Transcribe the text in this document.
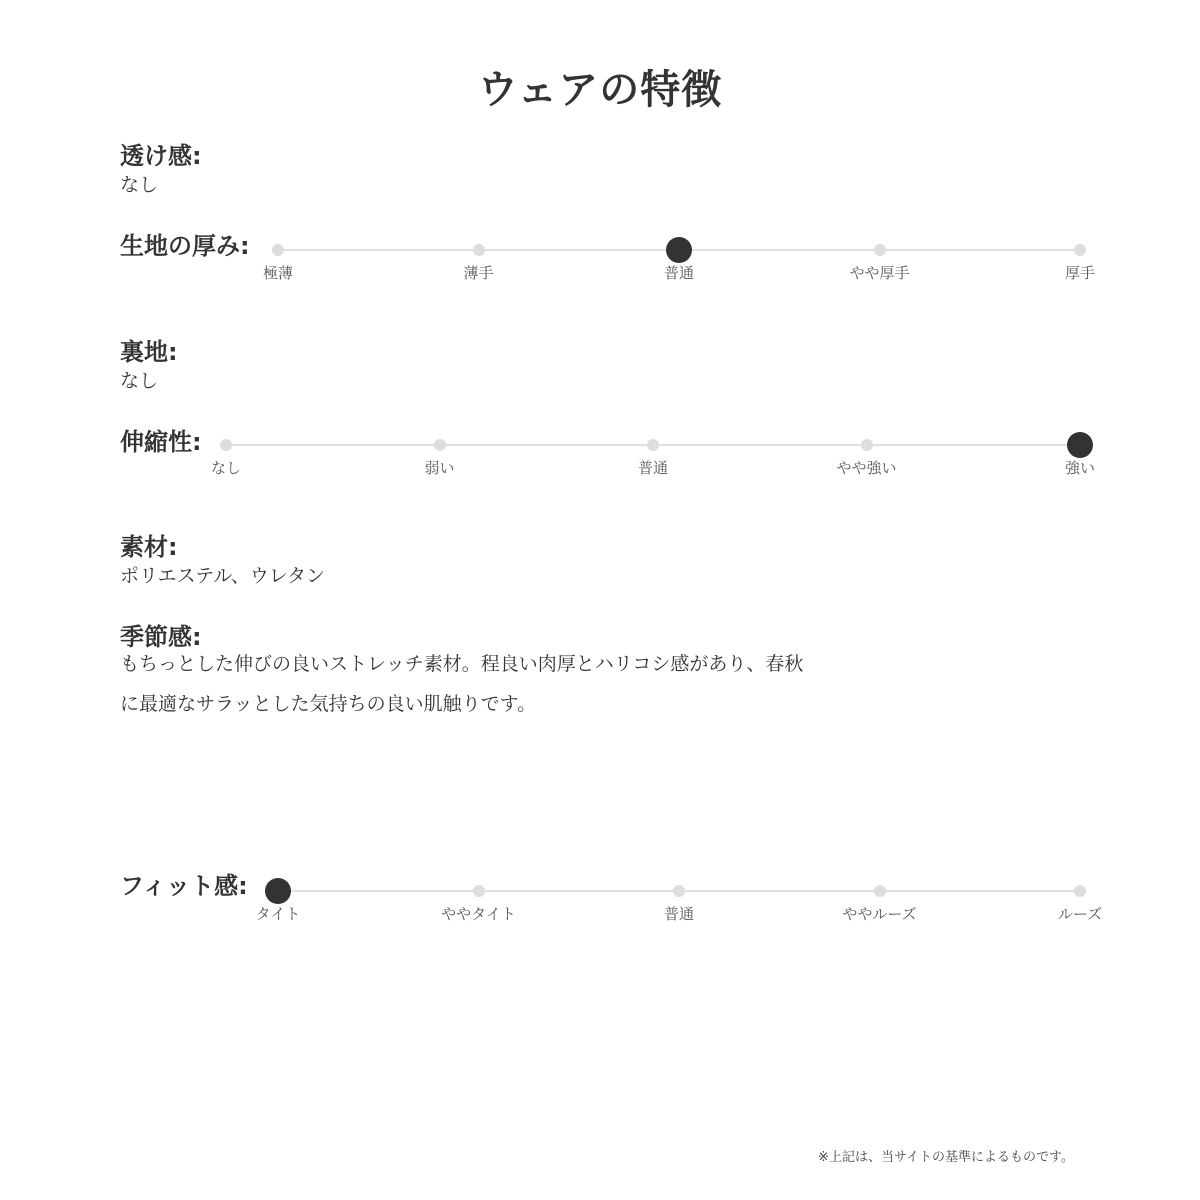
ウェアの特徴
透け感:
なし
生地の厚み:
極薄	薄手	普通	やや厚手	厚手
裏地:
なし
伸縮性:
なし	弱い	普通	やや強い	強い
素材:
ポリエステル、ウレタン
季節感:
もちっとした伸びの良いストレッチ素材。程良い肉厚とハリコシ感があり、春秋
に最適なサラッとした気持ちの良い肌触りです。
フィット感:
タイト	ややタイト	普通	ややルーズ	ルーズ
※上記は、当サイトの基準によるものです。
